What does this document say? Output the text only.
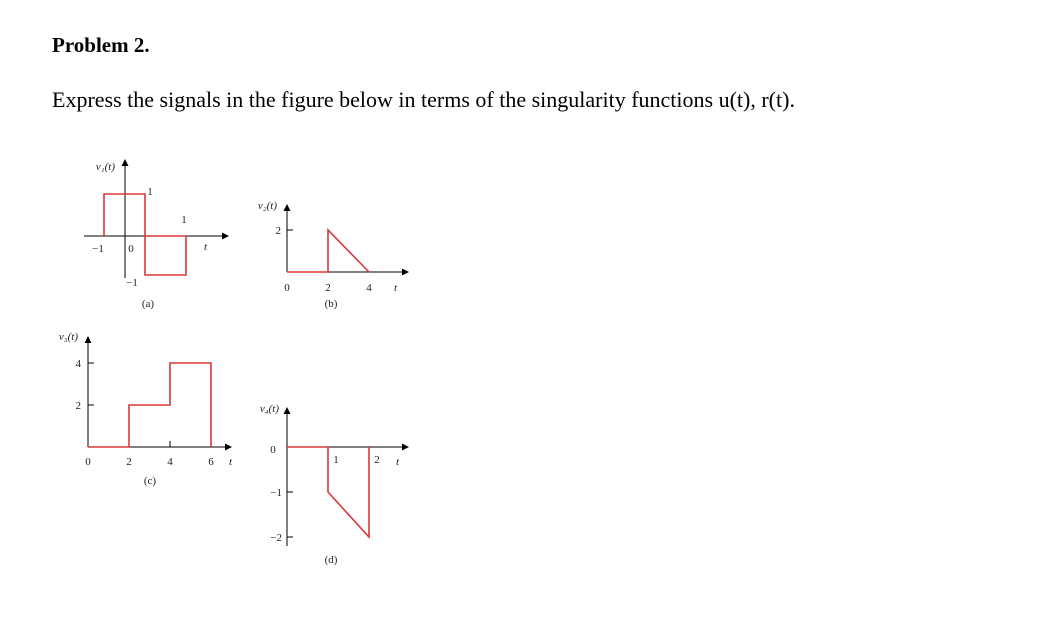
Problem 2.

Express the signals in the figure below in terms of the singularity functions u(t), r(t).

v₁(t)
t
−1 0
1
1
−1
(a)
v₂(t)
t
2
0	2	4
(b)
v₃(t)
t
4
2
0	2	4	6
(c)
v₄(t)
t
0
1	2
−1
−2
(d)
